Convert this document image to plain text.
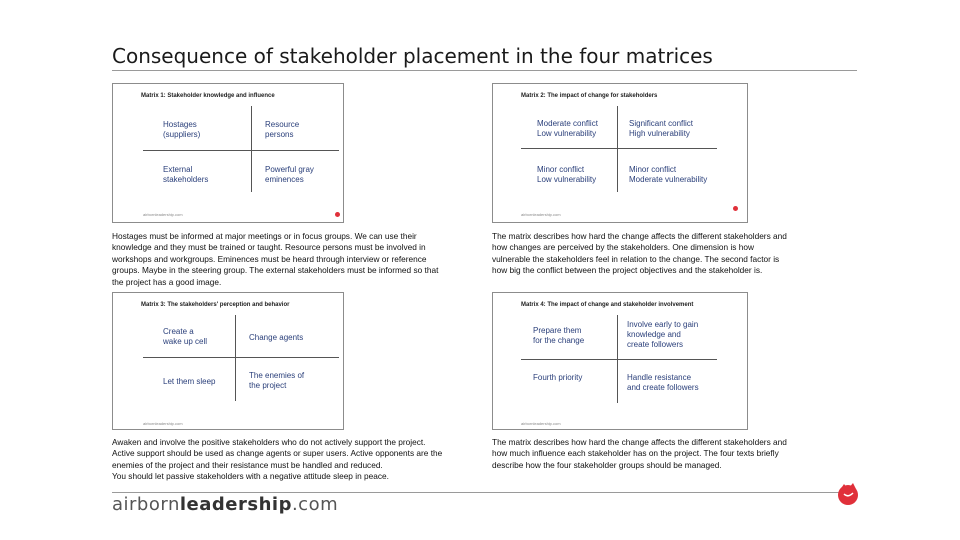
Consequence of stakeholder placement in the four matrices
Matrix 1: Stakeholder knowledge and influence
Hostages
(suppliers)
Resource
persons
External
stakeholders
Powerful gray
eminences
airbornleadership.com
Matrix 2: The impact of change for stakeholders
Moderate conflict
Low vulnerability
Significant conflict
High vulnerability
Minor conflict
Low vulnerability
Minor conflict
Moderate vulnerability
airbornleadership.com
Hostages must be informed at major meetings or in focus groups. We can use their
knowledge and they must be trained or taught. Resource persons must be involved in
workshops and workgroups. Eminences must be heard through interview or reference
groups. Maybe in the steering group. The external stakeholders must be informed so that
the project has a good image.
The matrix describes how hard the change affects the different stakeholders and
how changes are perceived by the stakeholders. One dimension is how
vulnerable the stakeholders feel in relation to the change. The second factor is
how big the conflict between the project objectives and the stakeholder is.
Matrix 3: The stakeholders' perception and behavior
Create a
wake up cell	Change agents
Let them sleep
The enemies of
the project
airbornleadership.com
Matrix 4: The impact of change and stakeholder involvement
Prepare them
for the change
Involve early to gain
knowledge and
create followers
Fourth priority	Handle resistance
and create followers
airbornleadership.com
Awaken and involve the positive stakeholders who do not actively support the project.
Active support should be used as change agents or super users. Active opponents are the
enemies of the project and their resistance must be handled and reduced.
You should let passive stakeholders with a negative attitude sleep in peace.
The matrix describes how hard the change affects the different stakeholders and
how much influence each stakeholder has on the project. The four texts briefly
describe how the four stakeholder groups should be managed.
airbornleadership.com
